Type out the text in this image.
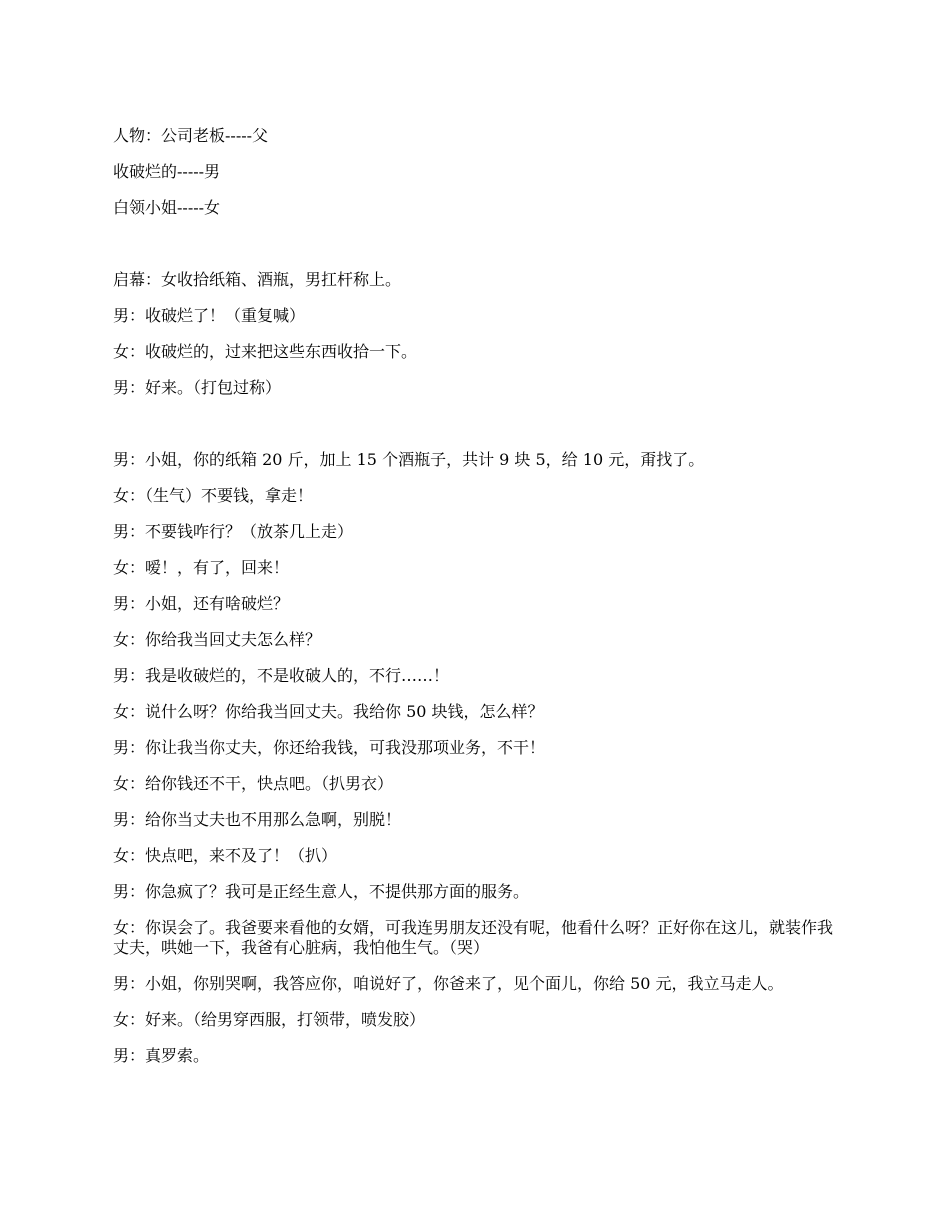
人物：公司老板-----父

收破烂的-----男

白领小姐-----女

启幕：女收拾纸箱、酒瓶，男扛杆称上。

男：收破烂了！（重复喊）

女：收破烂的，过来把这些东西收拾一下。

男：好来。（打包过称）

男：小姐，你的纸箱 20 斤，加上 15 个酒瓶子，共计 9 块 5，给 10 元，甭找了。

女：（生气）不要钱，拿走！

男：不要钱咋行？（放茶几上走）

女：嗳！，有了，回来！

男：小姐，还有啥破烂？

女：你给我当回丈夫怎么样？

男：我是收破烂的，不是收破人的，不行……！

女：说什么呀？你给我当回丈夫。我给你 50 块钱，怎么样？

男：你让我当你丈夫，你还给我钱，可我没那项业务，不干！

女：给你钱还不干，快点吧。（扒男衣）

男：给你当丈夫也不用那么急啊，别脱！

女：快点吧，来不及了！（扒）

男：你急疯了？我可是正经生意人，不提供那方面的服务。

女：你误会了。我爸要来看他的女婿，可我连男朋友还没有呢，他看什么呀？正好你在这儿，就装作我丈夫，哄她一下，我爸有心脏病，我怕他生气。（哭）

男：小姐，你别哭啊，我答应你，咱说好了，你爸来了，见个面儿，你给 50 元，我立马走人。

女：好来。（给男穿西服，打领带，喷发胶）

男：真罗索。
